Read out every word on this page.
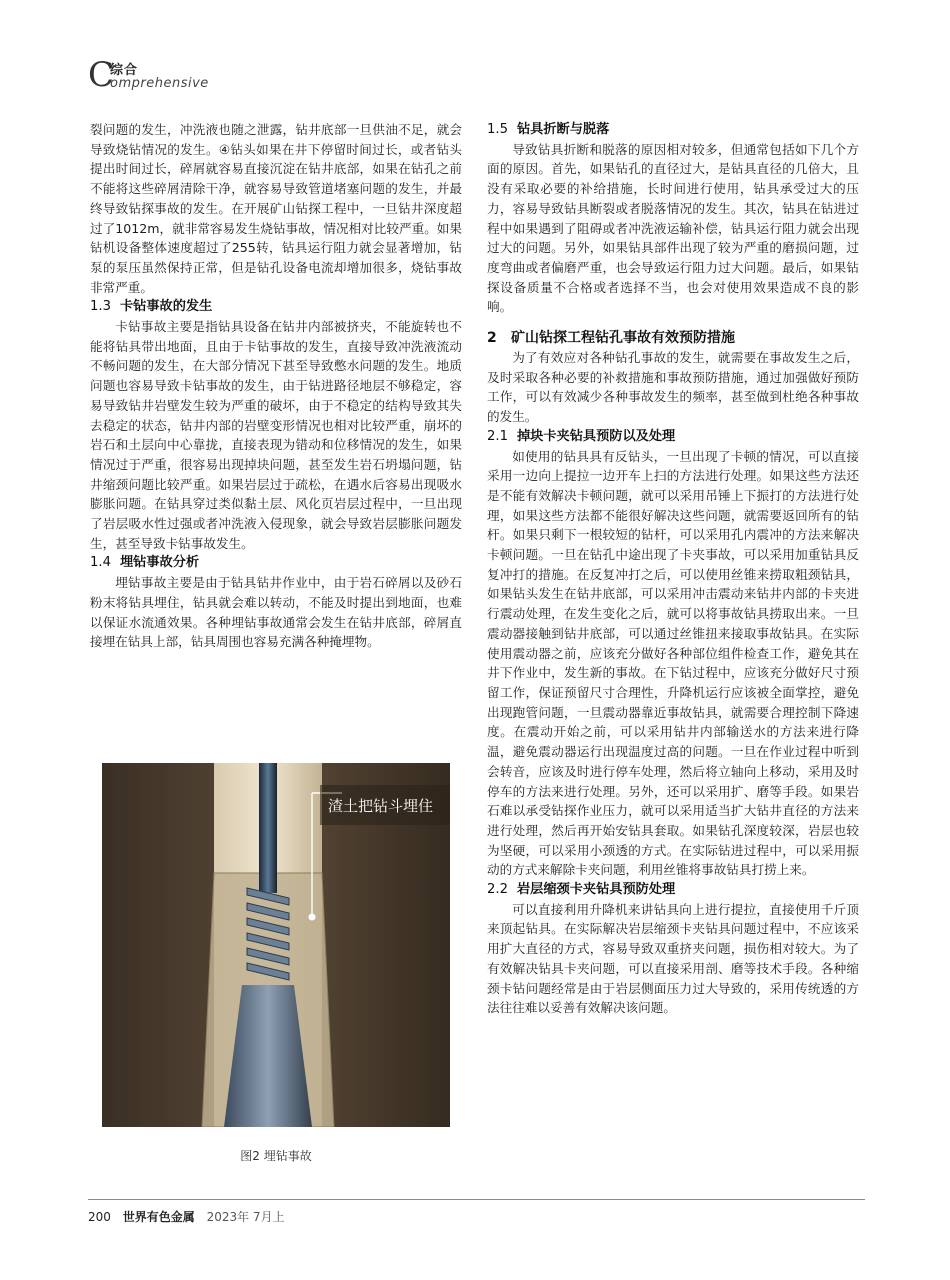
C
综合
omprehensive

裂问题的发生，冲洗液也随之泄露，钻井底部一旦供油不足，就会导致烧钻情况的发生。④钻头如果在井下停留时间过长，或者钻头提出时间过长，碎屑就容易直接沉淀在钻井底部，如果在钻孔之前不能将这些碎屑清除干净，就容易导致管道堵塞问题的发生，并最终导致钻探事故的发生。在开展矿山钻探工程中，一旦钻井深度超过了1012m，就非常容易发生烧钻事故，情况相对比较严重。如果钻机设备整体速度超过了255转，钻具运行阻力就会显著增加，钻泵的泵压虽然保持正常，但是钻孔设备电流却增加很多，烧钻事故非常严重。

1.3 卡钻事故的发生

卡钻事故主要是指钻具设备在钻井内部被挤夹，不能旋转也不能将钻具带出地面，且由于卡钻事故的发生，直接导致冲洗液流动不畅问题的发生，在大部分情况下甚至导致憋水问题的发生。地质问题也容易导致卡钻事故的发生，由于钻进路径地层不够稳定，容易导致钻井岩壁发生较为严重的破坏，由于不稳定的结构导致其失去稳定的状态，钻井内部的岩壁变形情况也相对比较严重，崩坏的岩石和土层向中心靠拢，直接表现为错动和位移情况的发生，如果情况过于严重，很容易出现掉块问题，甚至发生岩石坍塌问题，钻井缩颈问题比较严重。如果岩层过于疏松，在遇水后容易出现吸水膨胀问题。在钻具穿过类似黏土层、风化页岩层过程中，一旦出现了岩层吸水性过强或者冲洗液入侵现象，就会导致岩层膨胀问题发生，甚至导致卡钻事故发生。

1.4 埋钻事故分析

埋钻事故主要是由于钻具钻井作业中，由于岩石碎屑以及砂石粉末将钻具埋住，钻具就会难以转动，不能及时提出到地面，也难以保证水流通效果。各种埋钻事故通常会发生在钻井底部，碎屑直接埋在钻具上部，钻具周围也容易充满各种掩埋物。

渣土把钻斗埋住
图2 埋钻事故
1.5 钻具折断与脱落

导致钻具折断和脱落的原因相对较多，但通常包括如下几个方面的原因。首先，如果钻孔的直径过大，是钻具直径的几倍大，且没有采取必要的补给措施，长时间进行使用，钻具承受过大的压力，容易导致钻具断裂或者脱落情况的发生。其次，钻具在钻进过程中如果遇到了阻碍或者冲洗液运输补偿，钻具运行阻力就会出现过大的问题。另外，如果钻具部件出现了较为严重的磨损问题，过度弯曲或者偏磨严重，也会导致运行阻力过大问题。最后，如果钻探设备质量不合格或者选择不当，也会对使用效果造成不良的影响。

2 矿山钻探工程钻孔事故有效预防措施

为了有效应对各种钻孔事故的发生，就需要在事故发生之后，及时采取各种必要的补救措施和事故预防措施，通过加强做好预防工作，可以有效减少各种事故发生的频率，甚至做到杜绝各种事故的发生。

2.1 掉块卡夹钻具预防以及处理

如使用的钻具具有反钻头，一旦出现了卡顿的情况，可以直接采用一边向上提拉一边开车上扫的方法进行处理。如果这些方法还是不能有效解决卡顿问题，就可以采用吊锤上下振打的方法进行处理，如果这些方法都不能很好解决这些问题，就需要返回所有的钻杆。如果只剩下一根较短的钻杆，可以采用孔内震冲的方法来解决卡顿问题。一旦在钻孔中途出现了卡夹事故，可以采用加重钻具反复冲打的措施。在反复冲打之后，可以使用丝锥来捞取粗颈钻具，如果钻头发生在钻井底部，可以采用冲击震动来钻井内部的卡夹进行震动处理，在发生变化之后，就可以将事故钻具捞取出来。一旦震动器接触到钻井底部，可以通过丝锥扭来接取事故钻具。在实际使用震动器之前，应该充分做好各种部位组件检查工作，避免其在井下作业中，发生新的事故。在下钻过程中，应该充分做好尺寸预留工作，保证预留尺寸合理性，升降机运行应该被全面掌控，避免出现跑管问题，一旦震动器靠近事故钻具，就需要合理控制下降速度。在震动开始之前，可以采用钻井内部输送水的方法来进行降温，避免震动器运行出现温度过高的问题。一旦在作业过程中听到会转音，应该及时进行停车处理，然后将立轴向上移动，采用及时停车的方法来进行处理。另外，还可以采用扩、磨等手段。如果岩石难以承受钻探作业压力，就可以采用适当扩大钻井直径的方法来进行处理，然后再开始安钻具套取。如果钻孔深度较深，岩层也较为坚硬，可以采用小颈透的方式。在实际钻进过程中，可以采用振动的方式来解除卡夹问题，利用丝锥将事故钻具打捞上来。

2.2 岩层缩颈卡夹钻具预防处理

可以直接利用升降机来讲钻具向上进行提拉，直接使用千斤顶来顶起钻具。在实际解决岩层缩颈卡夹钻具问题过程中，不应该采用扩大直径的方式，容易导致双重挤夹问题，损伤相对较大。为了有效解决钻具卡夹问题，可以直接采用剖、磨等技术手段。各种缩颈卡钻问题经常是由于岩层侧面压力过大导致的，采用传统透的方法往往难以妥善有效解决该问题。

200 世界有色金属 2023年 7月上
